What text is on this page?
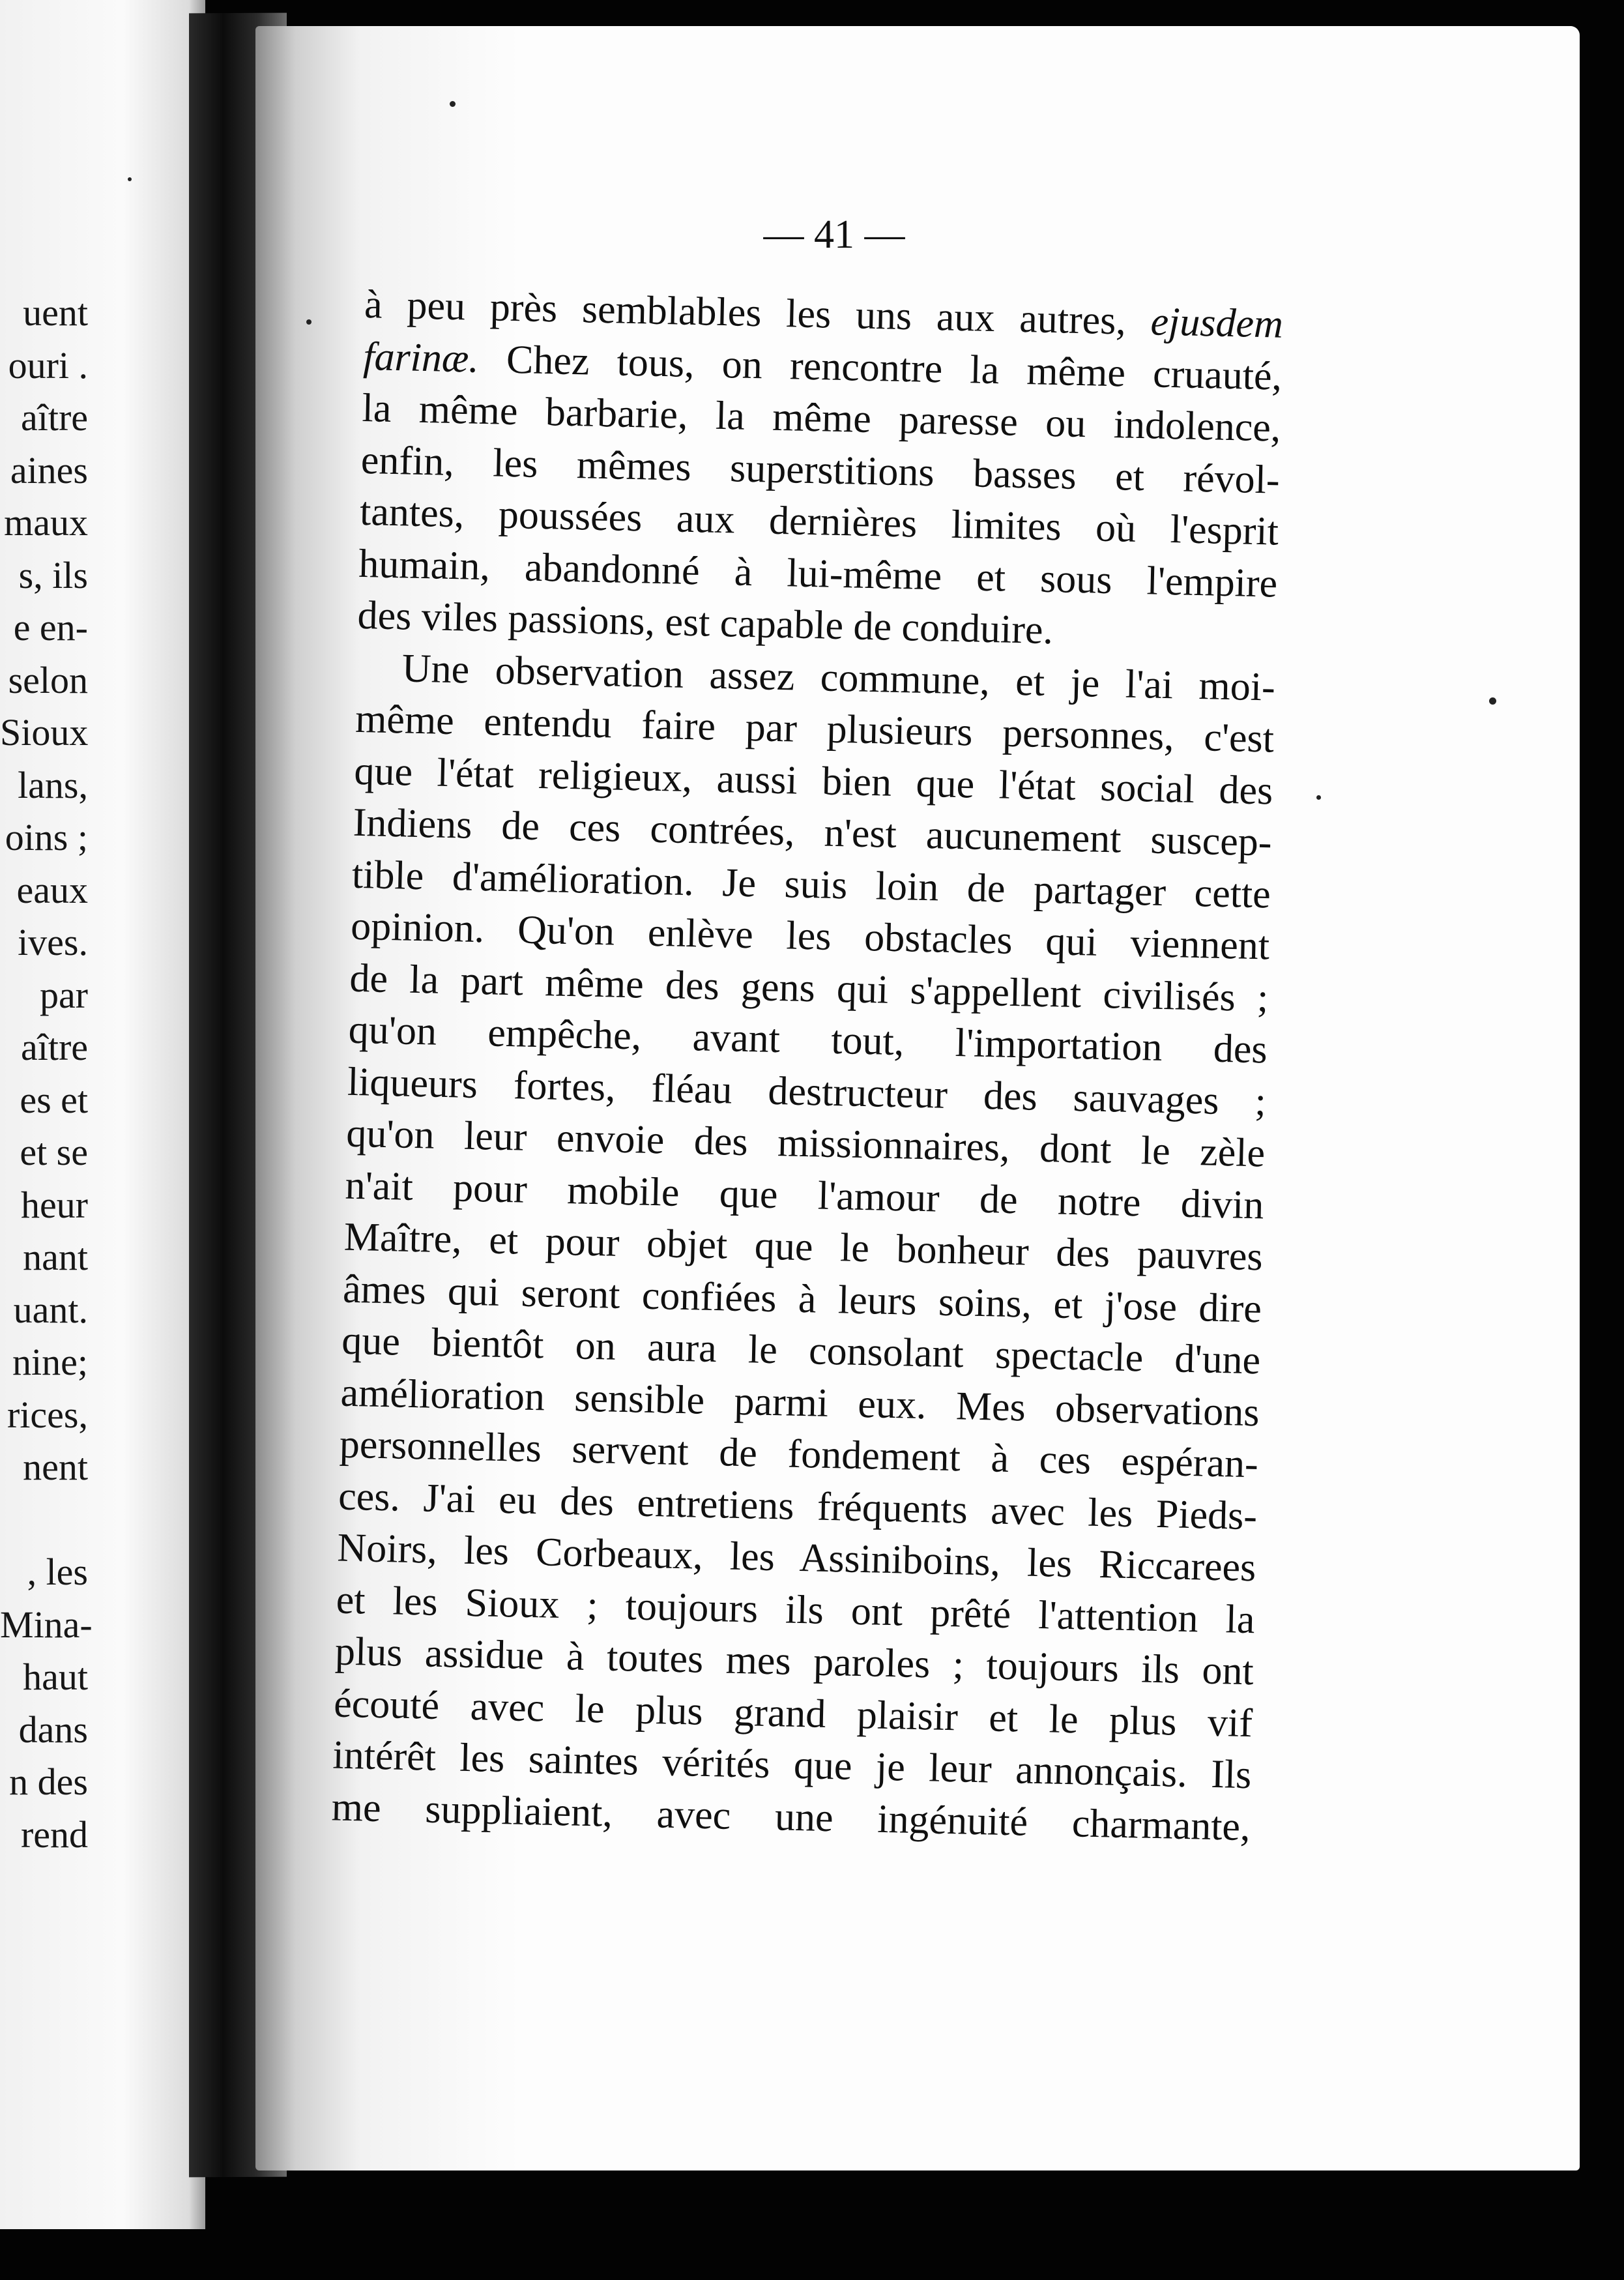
uent
ouri .
aître
aines
maux
s, ils
e en-
selon
Sioux
lans,
oins ;
eaux
ives.
par
aître
es et
et se
heur
nant
uant.
nine;
rices,
nent

, les
Mina-
haut
dans
n des
rend
— 41 —
à peu près semblables les uns aux autres, ejusdem
farinæ. Chez tous, on rencontre la même cruauté,
la même barbarie, la même paresse ou indolence,
enfin, les mêmes superstitions basses et révol-
tantes, poussées aux dernières limites où l'esprit
humain, abandonné à lui-même et sous l'empire
des viles passions, est capable de conduire.
Une observation assez commune, et je l'ai moi-
même entendu faire par plusieurs personnes, c'est
que l'état religieux, aussi bien que l'état social des
Indiens de ces contrées, n'est aucunement suscep-
tible d'amélioration. Je suis loin de partager cette
opinion. Qu'on enlève les obstacles qui viennent
de la part même des gens qui s'appellent civilisés ;
qu'on empêche, avant tout, l'importation des
liqueurs fortes, fléau destructeur des sauvages ;
qu'on leur envoie des missionnaires, dont le zèle
n'ait pour mobile que l'amour de notre divin
Maître, et pour objet que le bonheur des pauvres
âmes qui seront confiées à leurs soins, et j'ose dire
que bientôt on aura le consolant spectacle d'une
amélioration sensible parmi eux. Mes observations
personnelles servent de fondement à ces espéran-
ces. J'ai eu des entretiens fréquents avec les Pieds-
Noirs, les Corbeaux, les Assiniboins, les Riccarees
et les Sioux ; toujours ils ont prêté l'attention la
plus assidue à toutes mes paroles ; toujours ils ont
écouté avec le plus grand plaisir et le plus vif
intérêt les saintes vérités que je leur annonçais. Ils
me suppliaient, avec une ingénuité charmante,
